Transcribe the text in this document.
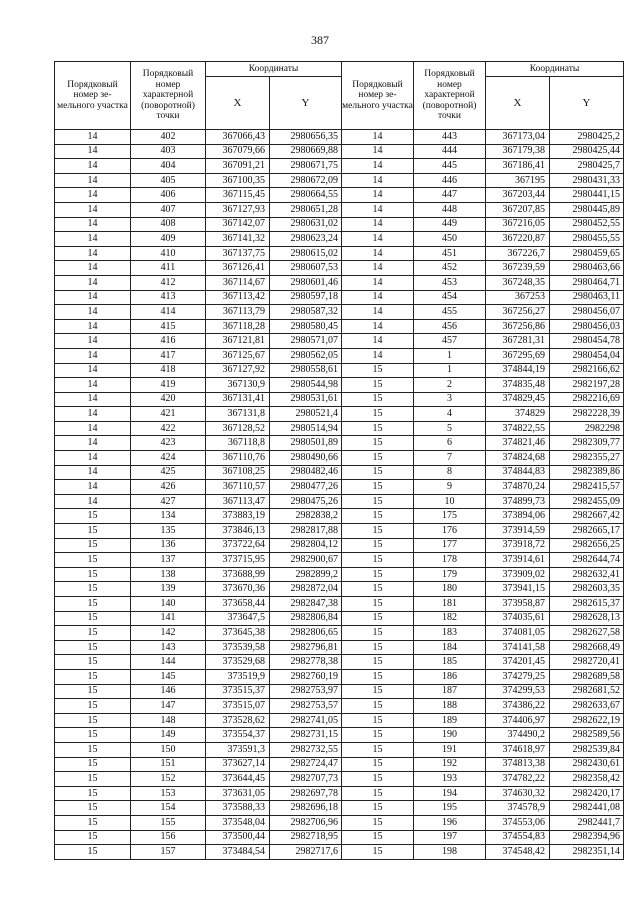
387
Порядковый номер зе-мельного участка	Порядковый номер характерной (поворотной) точки	Координаты		Порядковый номер зе-мельного участка	Порядковый номер характерной (поворотной) точки	Координаты	
		X	Y			X	Y
14	402	367066,43	2980656,35	14	443	367173,04	2980425,2
14	403	367079,66	2980669,88	14	444	367179,38	2980425,44
14	404	367091,21	2980671,75	14	445	367186,41	2980425,7
14	405	367100,35	2980672,09	14	446	367195	2980431,33
14	406	367115,45	2980664,55	14	447	367203,44	2980441,15
14	407	367127,93	2980651,28	14	448	367207,85	2980445,89
14	408	367142,07	2980631,02	14	449	367216,05	2980452,55
14	409	367141,32	2980623,24	14	450	367220,87	2980455,55
14	410	367137,75	2980615,02	14	451	367226,7	2980459,65
14	411	367126,41	2980607,53	14	452	367239,59	2980463,66
14	412	367114,67	2980601,46	14	453	367248,35	2980464,71
14	413	367113,42	2980597,18	14	454	367253	2980463,11
14	414	367113,79	2980587,32	14	455	367256,27	2980456,07
14	415	367118,28	2980580,45	14	456	367256,86	2980456,03
14	416	367121,81	2980571,07	14	457	367281,31	2980454,78
14	417	367125,67	2980562,05	14	1	367295,69	2980454,04
14	418	367127,92	2980558,61	15	1	374844,19	2982166,62
14	419	367130,9	2980544,98	15	2	374835,48	2982197,28
14	420	367131,41	2980531,61	15	3	374829,45	2982216,69
14	421	367131,8	2980521,4	15	4	374829	2982228,39
14	422	367128,52	2980514,94	15	5	374822,55	2982298
14	423	367118,8	2980501,89	15	6	374821,46	2982309,77
14	424	367110,76	2980490,66	15	7	374824,68	2982355,27
14	425	367108,25	2980482,46	15	8	374844,83	2982389,86
14	426	367110,57	2980477,26	15	9	374870,24	2982415,57
14	427	367113,47	2980475,26	15	10	374899,73	2982455,09
15	134	373883,19	2982838,2	15	175	373894,06	2982667,42
15	135	373846,13	2982817,88	15	176	373914,59	2982665,17
15	136	373722,64	2982804,12	15	177	373918,72	2982656,25
15	137	373715,95	2982900,67	15	178	373914,61	2982644,74
15	138	373688,99	2982899,2	15	179	373909,02	2982632,41
15	139	373670,36	2982872,04	15	180	373941,15	2982603,35
15	140	373658,44	2982847,38	15	181	373958,87	2982615,37
15	141	373647,5	2982806,84	15	182	374035,61	2982628,13
15	142	373645,38	2982806,65	15	183	374081,05	2982627,58
15	143	373539,58	2982796,81	15	184	374141,58	2982668,49
15	144	373529,68	2982778,38	15	185	374201,45	2982720,41
15	145	373519,9	2982760,19	15	186	374279,25	2982689,58
15	146	373515,37	2982753,97	15	187	374299,53	2982681,52
15	147	373515,07	2982753,57	15	188	374386,22	2982633,67
15	148	373528,62	2982741,05	15	189	374406,97	2982622,19
15	149	373554,37	2982731,15	15	190	374490,2	2982589,56
15	150	373591,3	2982732,55	15	191	374618,97	2982539,84
15	151	373627,14	2982724,47	15	192	374813,38	2982430,61
15	152	373644,45	2982707,73	15	193	374782,22	2982358,42
15	153	373631,05	2982697,78	15	194	374630,32	2982420,17
15	154	373588,33	2982696,18	15	195	374578,9	2982441,08
15	155	373548,04	2982706,96	15	196	374553,06	2982441,7
15	156	373500,44	2982718,95	15	197	374554,83	2982394,96
15	157	373484,54	2982717,6	15	198	374548,42	2982351,14
